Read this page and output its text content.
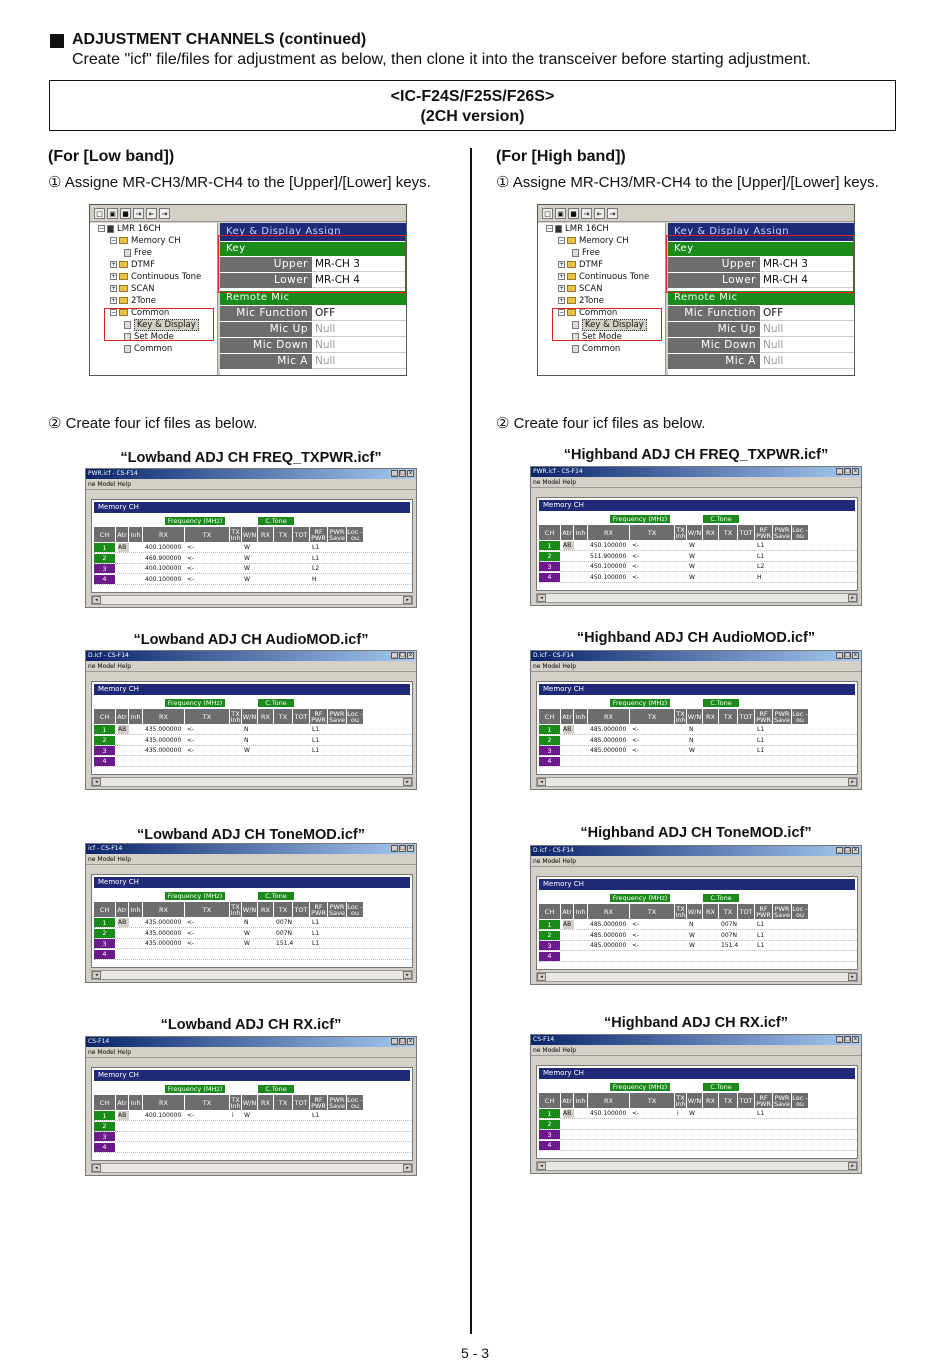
ADJUSTMENT CHANNELS (continued)
Create "icf" file/files for adjustment as below, then clone it into the transceiver before starting adjustment.
<IC-F24S/F25S/F26S>
(2CH version)
(For [Low band])
① Assigne MR-CH3/MR-CH4 to the [Upper]/[Lower] keys.
(For [High band])
① Assigne MR-CH3/MR-CH4 to the [Upper]/[Lower] keys.
□ ▣ ■ ⇥	⇤	⇥
− LMR 16CH
− Memory CH
Free
+ DTMF
+ Continuous Tone
+ SCAN
+ 2Tone
− Common
Key & Display
Set Mode
Common
Key & Display Assign
Key
Upper MR-CH 3
Lower MR-CH 4
Remote Mic
Mic Function OFF
Mic Up Null
Mic Down Null
Mic A Null
□ ▣ ■ ⇥	⇤	⇥
− LMR 16CH
− Memory CH
Free
+ DTMF
+ Continuous Tone
+ SCAN
+ 2Tone
− Common
Key & Display
Set Mode
Common
Key & Display Assign
Key
Upper MR-CH 3
Lower MR-CH 4
Remote Mic
Mic Function OFF
Mic Up Null
Mic Down Null
Mic A Null
② Create four icf files as below.	② Create four icf files as below.
“Lowband ADJ CH FREQ_TXPWR.icf”
PWR.icf - CS-F14	_ □ x
ne Model Help
Memory CH
Frequency (MHz)	C.Tone
CH	Atr Inh	RX	TX	TX Inh W/N RX	TX	TOT	RF PWR
PWR Save
Loc -ou
1	AB	400.100000 <-	W	L1
2	469.900000 <-	W	L1
3	400.100000 <-	W	L2
4	400.100000 <-	W	H
◂	▸
“Lowband ADJ CH AudioMOD.icf”
D.icf - CS-F14	_ □ x
ne Model Help
Memory CH
Frequency (MHz)	C.Tone
CH	Atr Inh	RX	TX	TX Inh W/N RX	TX	TOT	RF PWR
PWR Save
Loc -ou
1	AB	435.000000 <-	N	L1
2	435.000000 <-	N	L1
3	435.000000 <-	W	L1
4
◂	▸
“Lowband ADJ CH ToneMOD.icf”
icf - CS-F14	_ □ x
ne Model Help
Memory CH
Frequency (MHz)	C.Tone
CH	Atr Inh	RX	TX	TX Inh W/N RX	TX	TOT	RF PWR
PWR Save
Loc -ou
1	AB	435.000000 <-	N	007N	L1
2	435.000000 <-	W	007N	L1
3	435.000000 <-	W	151.4	L1
4
◂	▸
“Lowband ADJ CH RX.icf”
CS-F14	_ □ x
ne Model Help
Memory CH
Frequency (MHz)	C.Tone
CH	Atr Inh	RX	TX	TX Inh W/N RX	TX	TOT	RF PWR
PWR Save
Loc -ou
1	AB	400.100000 <-	i	W	L1
2
3
4
◂	▸
“Highband ADJ CH FREQ_TXPWR.icf”
PWR.icf - CS-F14	_ □ x
ne Model Help
Memory CH
Frequency (MHz)	C.Tone
CH	Atr Inh	RX	TX	TX Inh W/N RX	TX	TOT	RF PWR
PWR Save
Loc -ou
1	AB	450.100000 <-	W	L1
2	511.900000 <-	W	L1
3	450.100000 <-	W	L2
4	450.100000 <-	W	H
◂	▸
“Highband ADJ CH AudioMOD.icf”
D.icf - CS-F14	_ □ x
ne Model Help
Memory CH
Frequency (MHz)	C.Tone
CH	Atr Inh	RX	TX	TX Inh W/N RX	TX	TOT	RF PWR
PWR Save
Loc -ou
1	AB	485.000000 <-	N	L1
2	485.000000 <-	N	L1
3	485.000000 <-	W	L1
4
◂	▸
“Highband ADJ CH ToneMOD.icf”
D.icf - CS-F14	_ □ x
ne Model Help
Memory CH
Frequency (MHz)	C.Tone
CH	Atr Inh	RX	TX	TX Inh W/N RX	TX	TOT	RF PWR
PWR Save
Loc -ou
1	AB	485.000000 <-	N	007N	L1
2	485.000000 <-	W	007N	L1
3	485.000000 <-	W	151.4	L1
4
◂	▸
“Highband ADJ CH RX.icf”
CS-F14	_ □ x
ne Model Help
Memory CH
Frequency (MHz)	C.Tone
CH	Atr Inh	RX	TX	TX Inh W/N RX	TX	TOT	RF PWR
PWR Save
Loc -ou
1	AB	450.100000 <-	i	W	L1
2
3
4
◂	▸
5 - 3
